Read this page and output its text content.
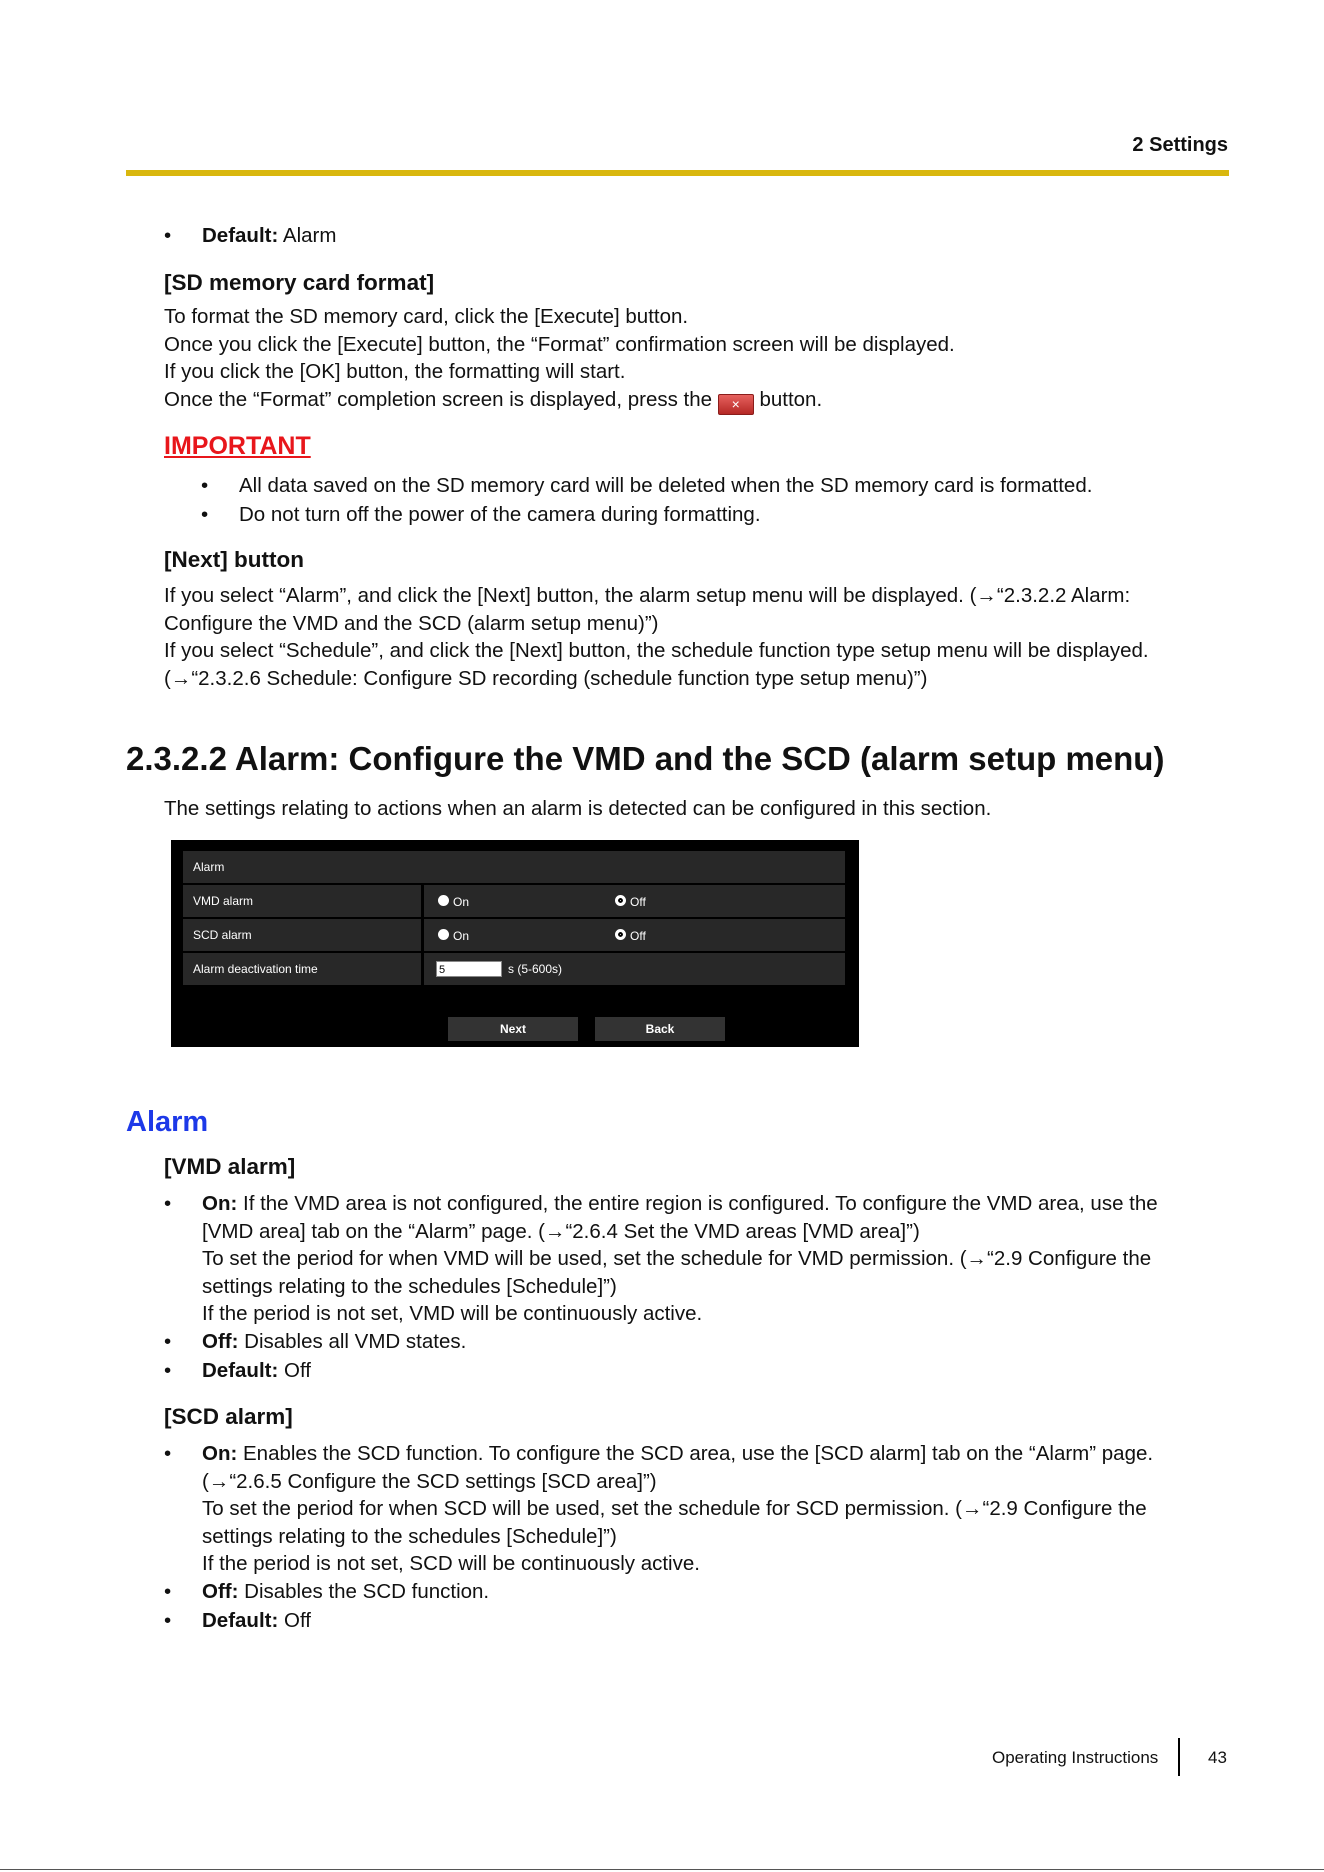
2 Settings
• Default: Alarm
[SD memory card format]
To format the SD memory card, click the [Execute] button.
Once you click the [Execute] button, the “Format” confirmation screen will be displayed.
If you click the [OK] button, the formatting will start.
Once the “Format” completion screen is displayed, press the × button.
IMPORTANT
• All data saved on the SD memory card will be deleted when the SD memory card is formatted.
• Do not turn off the power of the camera during formatting.
[Next] button
If you select “Alarm”, and click the [Next] button, the alarm setup menu will be displayed. (→“2.3.2.2 Alarm:
Configure the VMD and the SCD (alarm setup menu)”)
If you select “Schedule”, and click the [Next] button, the schedule function type setup menu will be displayed.
(→“2.3.2.6 Schedule: Configure SD recording (schedule function type setup menu)”)
2.3.2.2 Alarm: Configure the VMD and the SCD (alarm setup menu)
The settings relating to actions when an alarm is detected can be configured in this section.
Alarm
VMD alarm	On	Off
SCD alarm	On	Off
Alarm deactivation time	5	s (5-600s)
Next	Back
Alarm
[VMD alarm]
• On: If the VMD area is not configured, the entire region is configured. To configure the VMD area, use the
[VMD area] tab on the “Alarm” page. (→“2.6.4 Set the VMD areas [VMD area]”)
To set the period for when VMD will be used, set the schedule for VMD permission. (→“2.9 Configure the
settings relating to the schedules [Schedule]”)
If the period is not set, VMD will be continuously active.
• Off: Disables all VMD states.
• Default: Off
[SCD alarm]
• On: Enables the SCD function. To configure the SCD area, use the [SCD alarm] tab on the “Alarm” page.
(→“2.6.5 Configure the SCD settings [SCD area]”)
To set the period for when SCD will be used, set the schedule for SCD permission. (→“2.9 Configure the
settings relating to the schedules [Schedule]”)
If the period is not set, SCD will be continuously active.
• Off: Disables the SCD function.
• Default: Off
Operating Instructions	43
